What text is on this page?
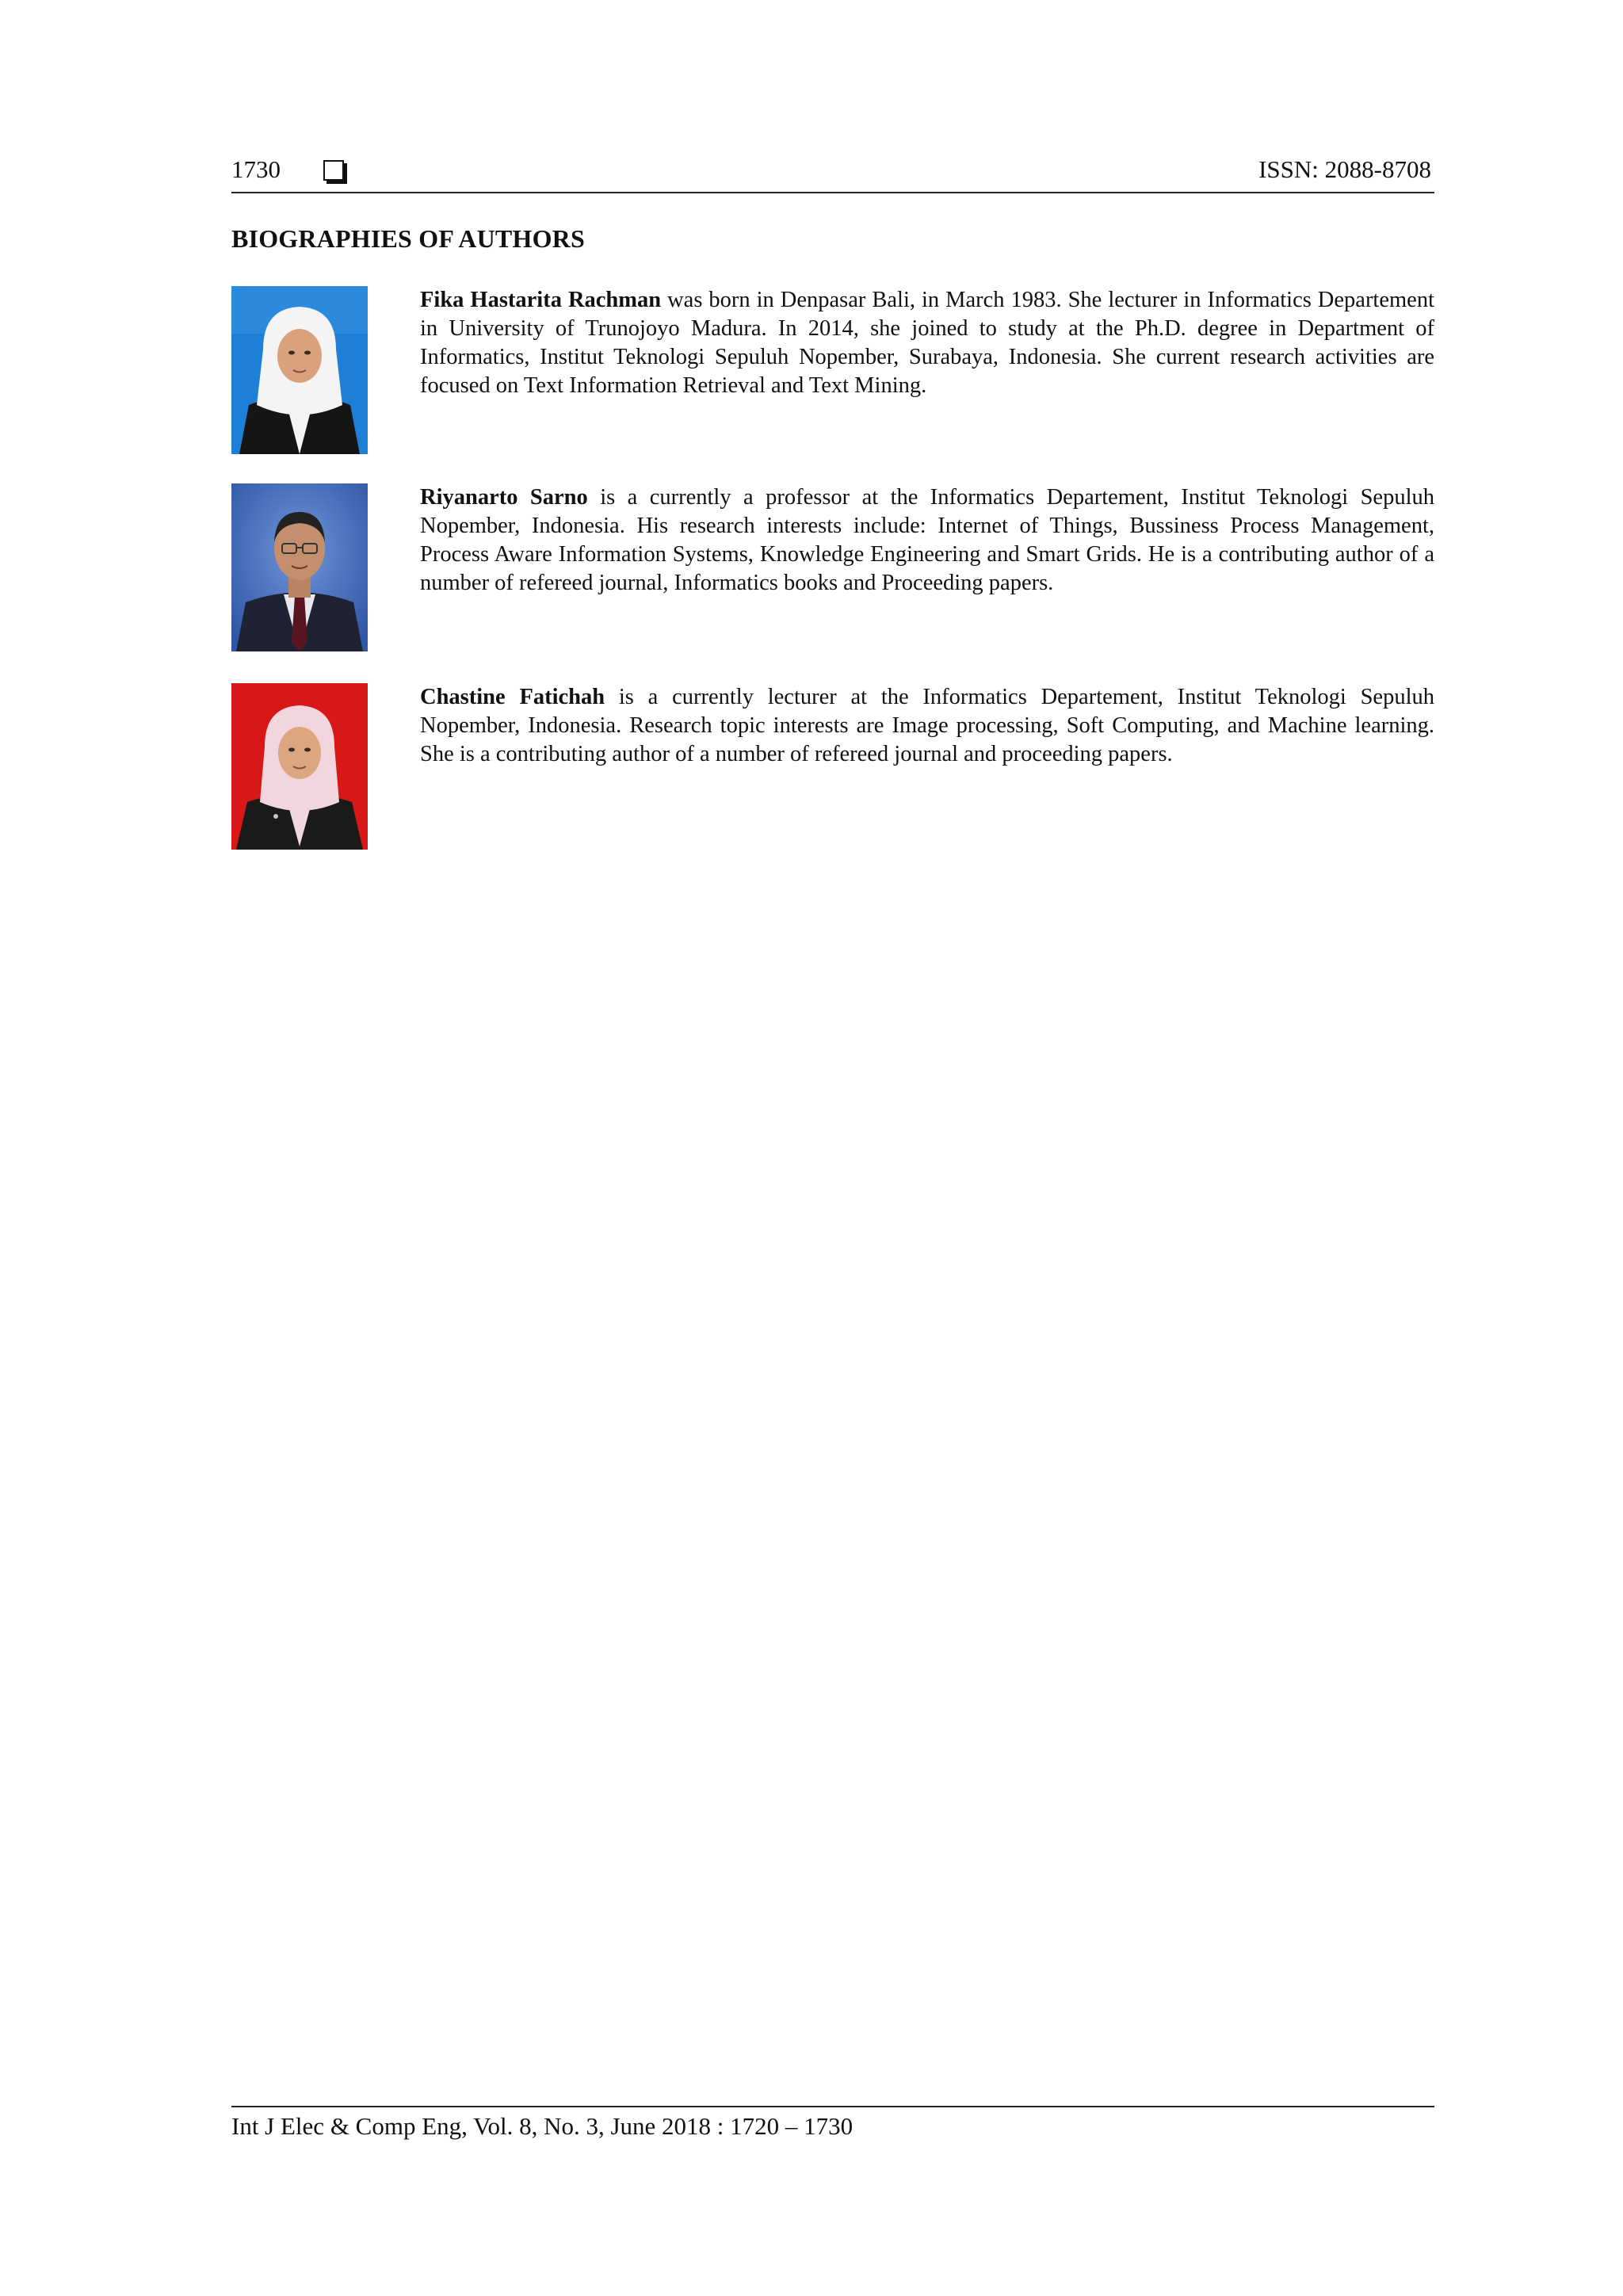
1730	ISSN: 2088-8708
BIOGRAPHIES OF AUTHORS
Fika Hastarita Rachman was born in Denpasar Bali, in March 1983. She lecturer in Informatics Departement in University of Trunojoyo Madura. In 2014, she joined to study at the Ph.D. degree in Department of Informatics, Institut Teknologi Sepuluh Nopember, Surabaya, Indonesia. She current research activities are focused on Text Information Retrieval and Text Mining.
Riyanarto Sarno is a currently a professor at the Informatics Departement, Institut Teknologi Sepuluh Nopember, Indonesia. His research interests include: Internet of Things, Bussiness Process Management, Process Aware Information Systems, Knowledge Engineering and Smart Grids. He is a contributing author of a number of refereed journal, Informatics books and Proceeding papers.
Chastine Fatichah is a currently lecturer at the Informatics Departement, Institut Teknologi Sepuluh Nopember, Indonesia. Research topic interests are Image processing, Soft Computing, and Machine learning. She is a contributing author of a number of refereed journal and proceeding papers.
Int J Elec & Comp Eng, Vol. 8, No. 3, June 2018 : 1720 – 1730
